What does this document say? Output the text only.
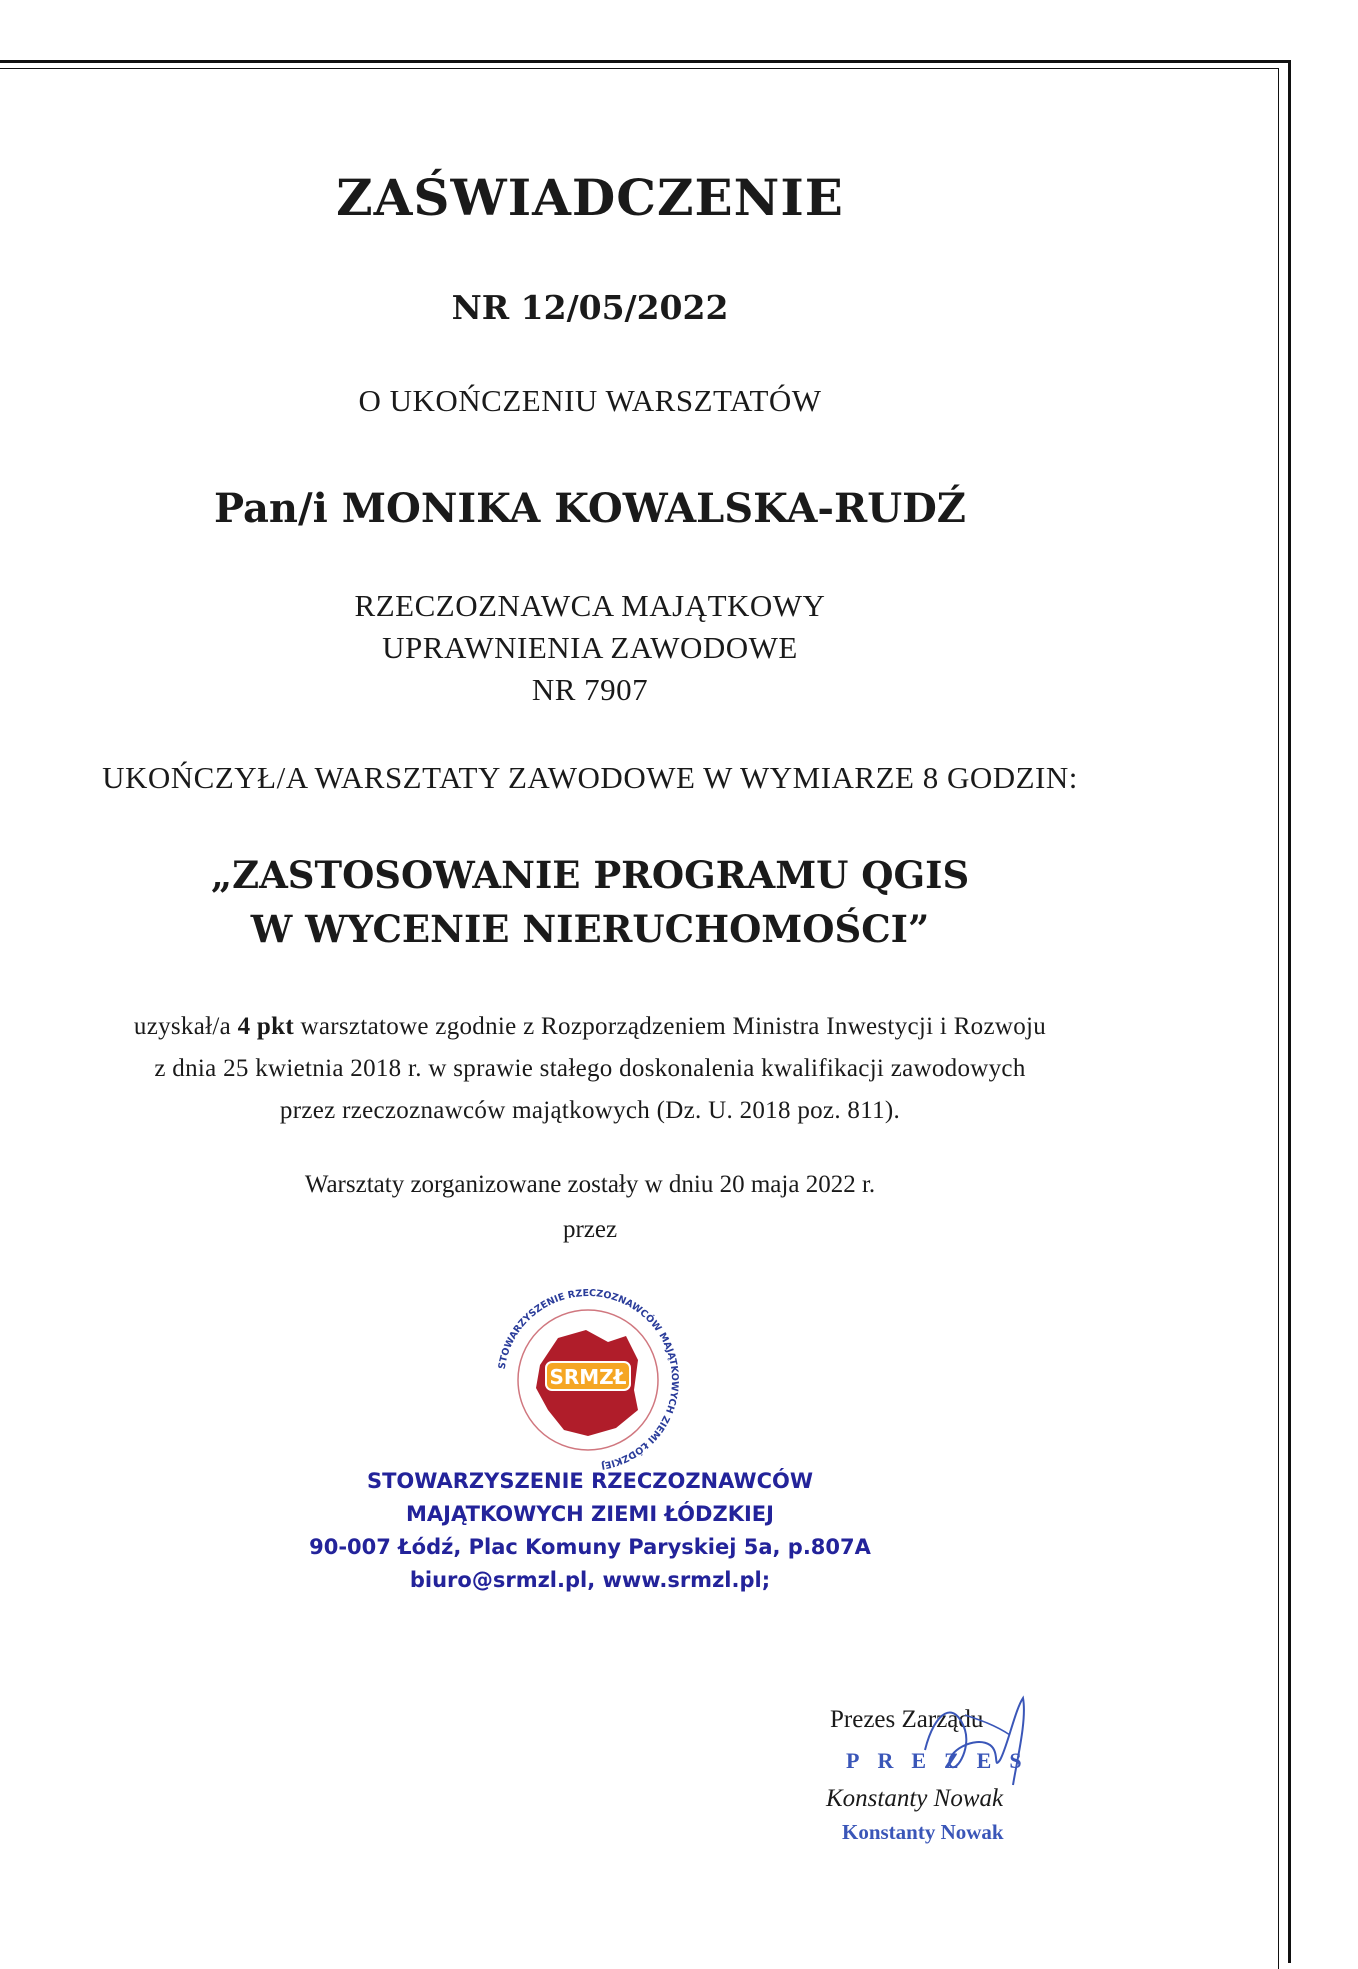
ZAŚWIADCZENIE
NR 12/05/2022
O UKOŃCZENIU WARSZTATÓW
Pan/i MONIKA KOWALSKA-RUDŹ
RZECZOZNAWCA MAJĄTKOWY
UPRAWNIENIA ZAWODOWE
NR 7907
UKOŃCZYŁ/A WARSZTATY ZAWODOWE W WYMIARZE 8 GODZIN:
„ZASTOSOWANIE PROGRAMU QGIS
W WYCENIE NIERUCHOMOŚCI”
uzyskał/a 4 pkt warsztatowe zgodnie z Rozporządzeniem Ministra Inwestycji i Rozwoju
z dnia 25 kwietnia 2018 r. w sprawie stałego doskonalenia kwalifikacji zawodowych
przez rzeczoznawców majątkowych (Dz. U. 2018 poz. 811).
Warsztaty zorganizowane zostały w dniu 20 maja 2022 r.
przez
SRMZŁ
STOWARZYSZENIE RZECZOZNAWCÓW MAJĄTKOWYCH ZIEMI ŁÓDZKIEJ
STOWARZYSZENIE RZECZOZNAWCÓW
MAJĄTKOWYCH ZIEMI ŁÓDZKIEJ
90-007 Łódź, Plac Komuny Paryskiej 5a, p.807A
biuro@srmzl.pl, www.srmzl.pl;
Prezes Zarządu
PREZES
Konstanty Nowak
Konstanty Nowak
